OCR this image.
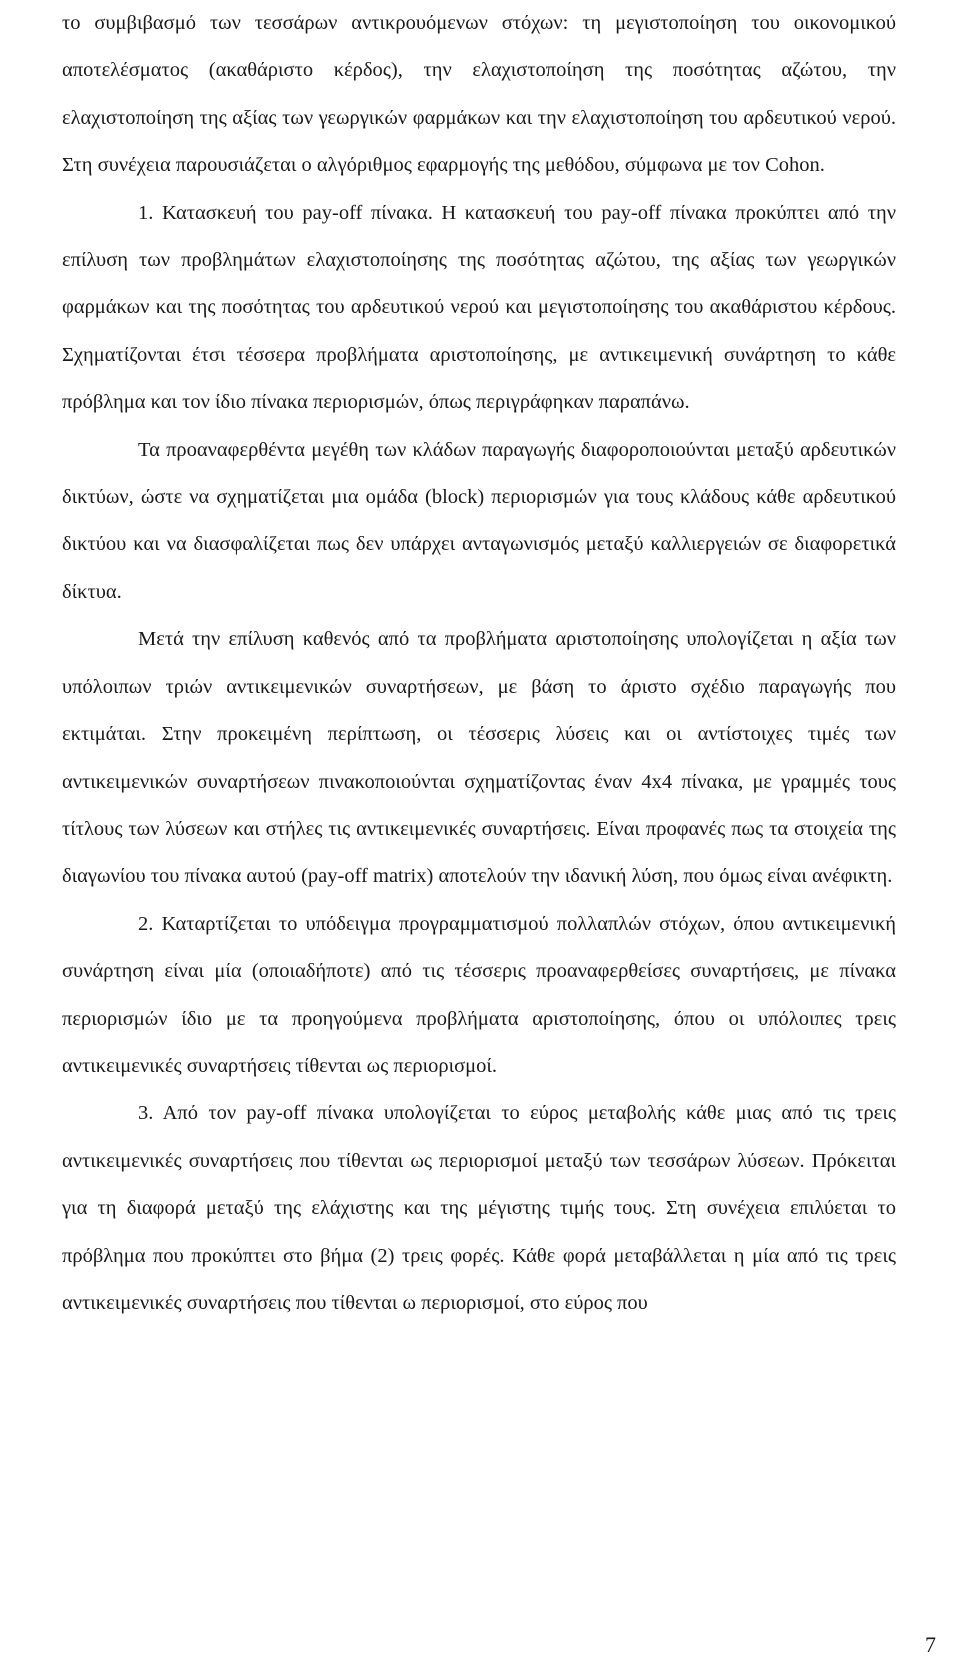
το συμβιβασμό των τεσσάρων αντικρουόμενων στόχων: τη μεγιστοποίηση του οικονομικού αποτελέσματος (ακαθάριστο κέρδος), την ελαχιστοποίηση της ποσότητας αζώτου, την ελαχιστοποίηση της αξίας των γεωργικών φαρμάκων και την ελαχιστοποίηση του αρδευτικού νερού. Στη συνέχεια παρουσιάζεται ο αλγόριθμος εφαρμογής της μεθόδου, σύμφωνα με τον Cohon.

1. Κατασκευή του pay-off πίνακα. Η κατασκευή του pay-off πίνακα προκύπτει από την επίλυση των προβλημάτων ελαχιστοποίησης της ποσότητας αζώτου, της αξίας των γεωργικών φαρμάκων και της ποσότητας του αρδευτικού νερού και μεγιστοποίησης του ακαθάριστου κέρδους. Σχηματίζονται έτσι τέσσερα προβλήματα αριστοποίησης, με αντικειμενική συνάρτηση το κάθε πρόβλημα και τον ίδιο πίνακα περιορισμών, όπως περιγράφηκαν παραπάνω.

Τα προαναφερθέντα μεγέθη των κλάδων παραγωγής διαφοροποιούνται μεταξύ αρδευτικών δικτύων, ώστε να σχηματίζεται μια ομάδα (block) περιορισμών για τους κλάδους κάθε αρδευτικού δικτύου και να διασφαλίζεται πως δεν υπάρχει ανταγωνισμός μεταξύ καλλιεργειών σε διαφορετικά δίκτυα.

Μετά την επίλυση καθενός από τα προβλήματα αριστοποίησης υπολογίζεται η αξία των υπόλοιπων τριών αντικειμενικών συναρτήσεων, με βάση το άριστο σχέδιο παραγωγής που εκτιμάται. Στην προκειμένη περίπτωση, οι τέσσερις λύσεις και οι αντίστοιχες τιμές των αντικειμενικών συναρτήσεων πινακοποιούνται σχηματίζοντας έναν 4x4 πίνακα, με γραμμές τους τίτλους των λύσεων και στήλες τις αντικειμενικές συναρτήσεις. Είναι προφανές πως τα στοιχεία της διαγωνίου του πίνακα αυτού (pay-off matrix) αποτελούν την ιδανική λύση, που όμως είναι ανέφικτη.

2. Καταρτίζεται το υπόδειγμα προγραμματισμού πολλαπλών στόχων, όπου αντικειμενική συνάρτηση είναι μία (οποιαδήποτε) από τις τέσσερις προαναφερθείσες συναρτήσεις, με πίνακα περιορισμών ίδιο με τα προηγούμενα προβλήματα αριστοποίησης, όπου οι υπόλοιπες τρεις αντικειμενικές συναρτήσεις τίθενται ως περιορισμοί.

3. Από τον pay-off πίνακα υπολογίζεται το εύρος μεταβολής κάθε μιας από τις τρεις αντικειμενικές συναρτήσεις που τίθενται ως περιορισμοί μεταξύ των τεσσάρων λύσεων. Πρόκειται για τη διαφορά μεταξύ της ελάχιστης και της μέγιστης τιμής τους. Στη συνέχεια επιλύεται το πρόβλημα που προκύπτει στο βήμα (2) τρεις φορές. Κάθε φορά μεταβάλλεται η μία από τις τρεις αντικειμενικές συναρτήσεις που τίθενται ω περιορισμοί, στο εύρος που

7
